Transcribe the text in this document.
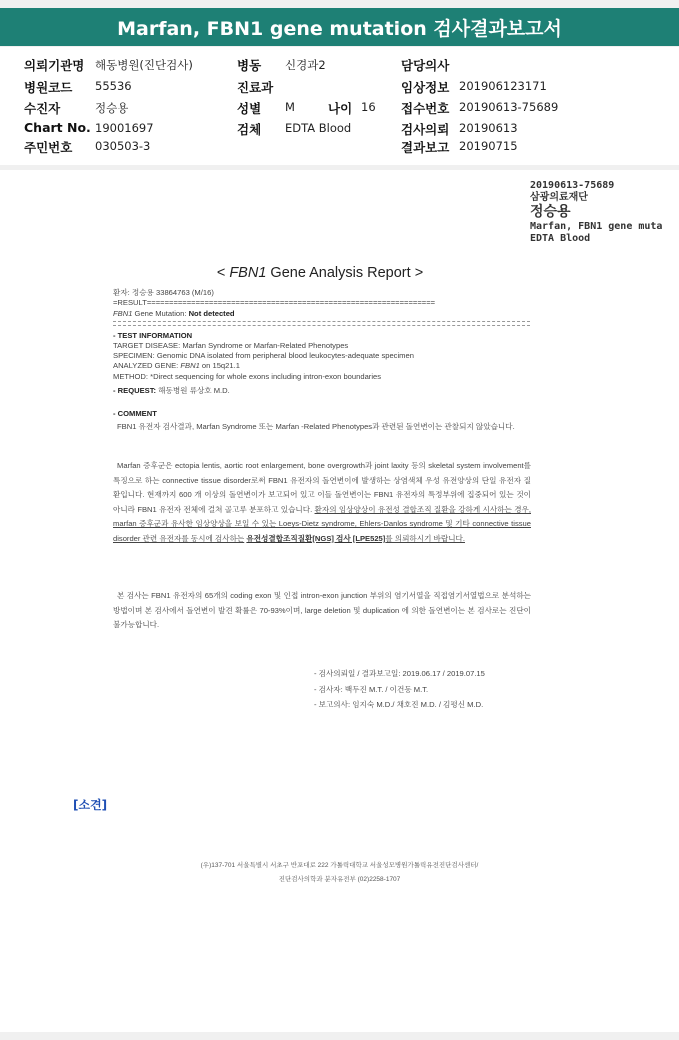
Marfan, FBN1 gene mutation 검사결과보고서
의뢰기관명 해동병원(진단검사)
병원코드 55536
수진자	정승용
Chart No. 19001697
주민번호 030503-3
병동 신경과2
진료과
성별 M	나이 16
검체 EDTA Blood
담당의사
임상정보 20190612317​1
접수번호 20190613-75689
검사의뢰 20190613
결과보고 20190715
20190613-75689
삼광의료재단
정승용
Marfan, FBN1 gene muta
EDTA Blood
< FBN1 Gene Analysis Report >
환자: 정승용 33864763 (M/16)
=RESULT=================================================================
FBN1 Gene Mutation: Not detected
- TEST INFORMATION
TARGET DISEASE: Marfan Syndrome or Marfan-Related Phenotypes
SPECIMEN: Genomic DNA isolated from peripheral blood leukocytes-adequate specimen
ANALYZED GENE: FBN1 on 15q21.1
METHOD: *Direct sequencing for whole exons including intron-exon boundaries
- REQUEST: 해동병원 류상호 M.D.
- COMMENT
FBN1 유전자 검사결과, Marfan Syndrome 또는 Marfan -Related Phenotypes과 관련된 돌연변이는 관찰되지 않았습니다.
Marfan 증후군은 ectopia lentis, aortic root enlargement, bone overgrowth과 joint laxity 등의 skeletal system involvement를 특징으로 하는 connective tissue disorder로써 FBN1 유전자의 돌연변이에 발생하는 상염색체 우성 유전양상의 단일 유전자 질환입니다. 현재까지 600 개 이상의 돌연변이가 보고되어 있고 이들 돌연변이는 FBN1 유전자의 특정부위에 집중되어 있는 것이 아니라 FBN1 유전자 전체에 걸쳐 골고루 분포하고 있습니다. 환자의 임상양상이 유전성 결합조직 질환을 강하게 시사하는 경우, marfan 증후군과 유사한 임상양상을 보일 수 있는 Loeys-Dietz syndrome, Ehlers-Danlos syndrome 및 기타 connective tissue disorder 관련 유전자를 동시에 검사하는 유전성결합조직질환[NGS] 검사 [LPE525]를 의뢰하시기 바랍니다.
본 검사는 FBN1 유전자의 65개의 coding exon 및 인접 intron-exon junction 부위의 염기서열을 직접염기서열법으로 분석하는 방법이며 본 검사에서 돌연변이 발견 확률은 70-93%이며, large deletion 및 duplication 에 의한 돌연변이는 본 검사로는 진단이 불가능합니다.
- 검사의뢰일 / 결과보고일: 2019.06.17 / 2019.07.15
- 검사자: 백두진 M.T. / 이건동 M.T.
- 보고의사: 임지숙 M.D./ 채호진 M.D. / 김평신 M.D.
(우)137-701 서울특별시 서초구 반포대로 222 가톨릭대학교 서울성모병원가톨릭유전진단검사센터/
진단검사의학과 분자유전부 (02)2258-1707
[소견]
